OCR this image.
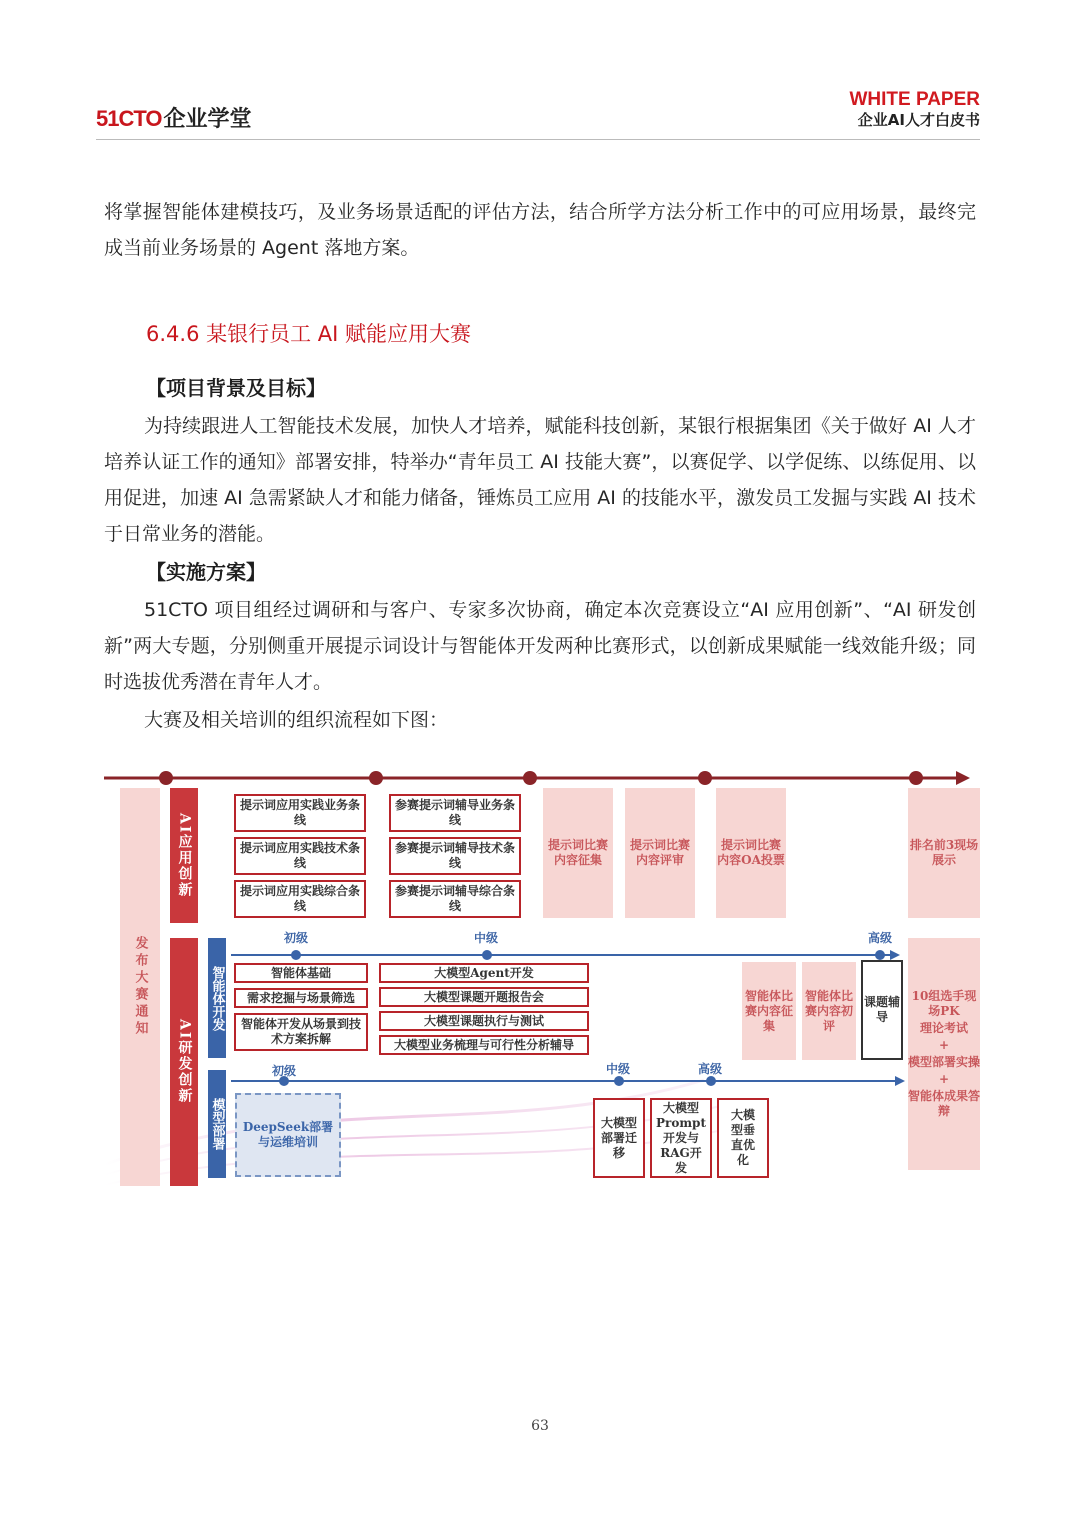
51CTO企业学堂
WHITE PAPER
企业AI人才白皮书

将掌握智能体建模技巧，及业务场景适配的评估方法，结合所学方法分析工作中的可应用场景，最终完成当前业务场景的 Agent 落地方案。

6.4.6 某银行员工 AI 赋能应用大赛
【项目背景及目标】

为持续跟进人工智能技术发展，加快人才培养，赋能科技创新，某银行根据集团《关于做好 AI 人才培养认证工作的通知》部署安排，特举办“青年员工 AI 技能大赛”，以赛促学、以学促练、以练促用、以用促进，加速 AI 急需紧缺人才和能力储备，锤炼员工应用 AI 的技能水平，激发员工发掘与实践 AI 技术于日常业务的潜能。

【实施方案】

51CTO 项目组经过调研和与客户、专家多次协商，确定本次竞赛设立“AI 应用创新”、“AI 研发创新”两大专题，分别侧重开展提示词设计与智能体开发两种比赛形式，以创新成果赋能一线效能升级；同时选拔优秀潜在青年人才。

大赛及相关培训的组织流程如下图：

发布大赛通知
AI应用创新
AI研发创新
智能体开发
模型部署
提示词应用实践业务条线
提示词应用实践技术条线
提示词应用实践综合条线
参赛提示词辅导业务条线
参赛提示词辅导技术条线
参赛提示词辅导综合条线
提示词比赛内容征集
提示词比赛内容评审
提示词比赛内容OA投票
排名前3现场展示
初级	中级	高级
智能体基础
需求挖掘与场景筛选
智能体开发从场景到技术方案拆解
大模型Agent开发
大模型课题开题报告会
大模型课题执行与测试
大模型业务梳理与可行性分析辅导
智能体比赛内容征集
智能体比赛内容初评
课题辅导
10组选手现场PK
理论考试
+
模型部署实操
+
智能体成果答辩
初级	中级	高级
DeepSeek部署与运维培训
大模型部署迁移
大模型Prompt开发与RAG开发
大模型垂直优化
63
